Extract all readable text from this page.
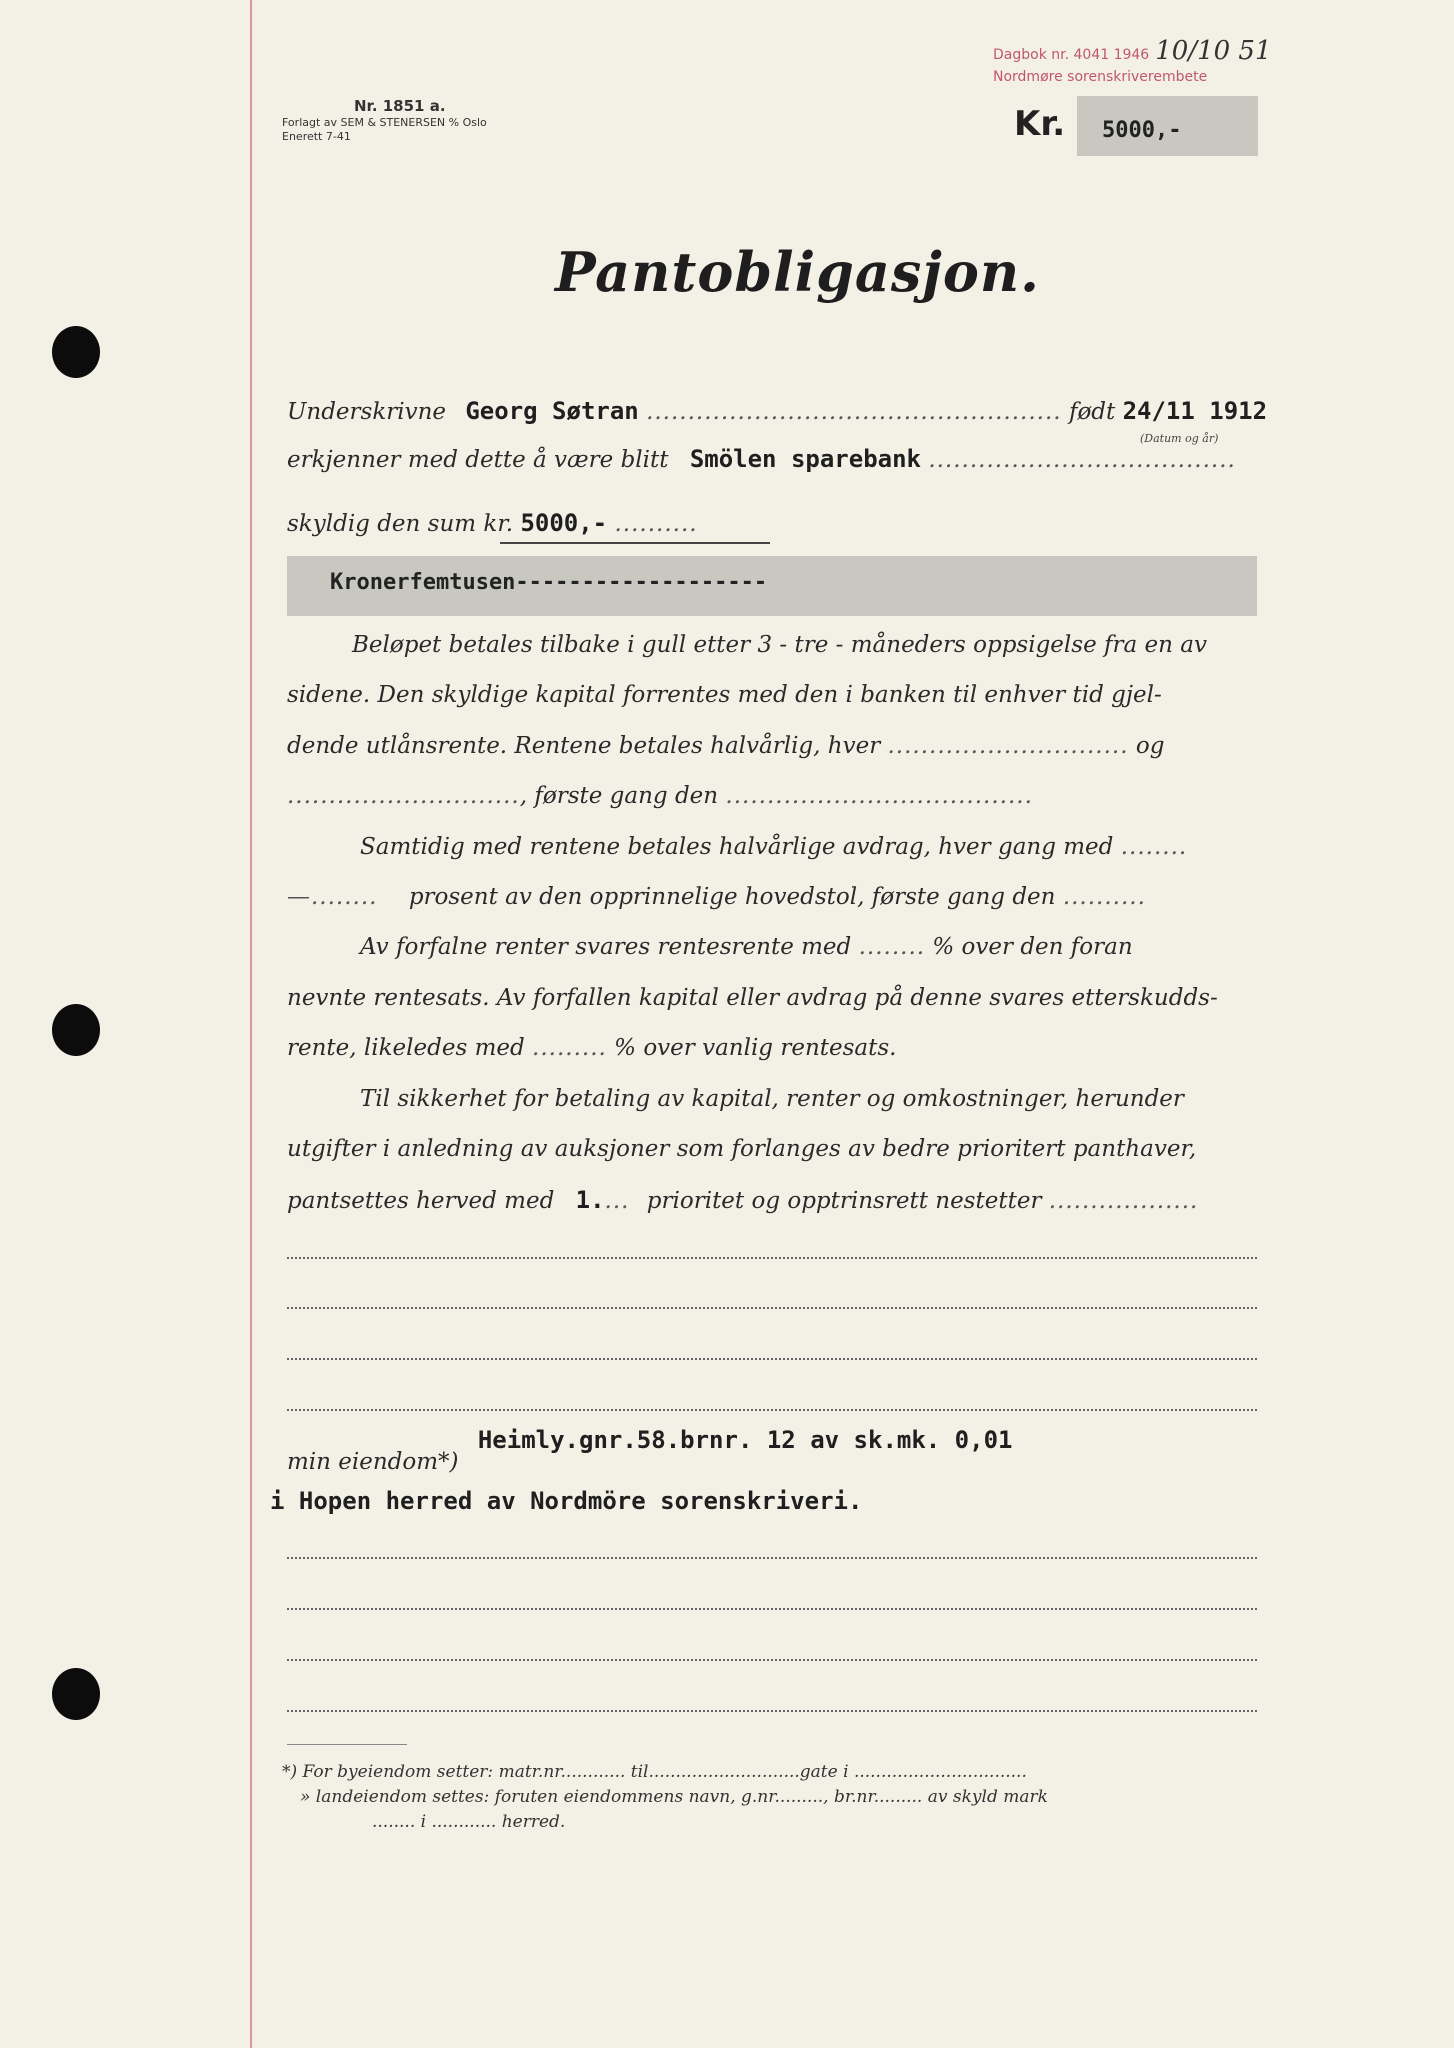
Nr. 1851 a.
Forlagt av SEM & STENERSEN % Oslo
Enerett 7-41
Dagbok nr. 4041 1946 10/10 51
Nordmøre sorenskriverembete
Kr. 5000,-
Pantobligasjon.
Underskrivne Georg Søtran .................................................. født 24/11 1912
(Datum og år)
erkjenner med dette å være blitt Smölen sparebank .....................................
skyldig den sum kr. 5000,- ..........
Kronerfemtusen-------------------
Beløpet betales tilbake i gull etter 3 - tre - måneders oppsigelse fra en av
sidene. Den skyldige kapital forrentes med den i banken til enhver tid gjel-
dende utlånsrente. Rentene betales halvårlig, hver ............................. og
............................, første gang den .....................................
Samtidig med rentene betales halvårlige avdrag, hver gang med ........
—........ prosent av den opprinnelige hovedstol, første gang den ..........
Av forfalne renter svares rentesrente med ........ % over den foran
nevnte rentesats. Av forfallen kapital eller avdrag på denne svares etterskudds-
rente, likeledes med ......... % over vanlig rentesats.
Til sikkerhet for betaling av kapital, renter og omkostninger, herunder
utgifter i anledning av auksjoner som forlanges av bedre prioritert panthaver,
pantsettes herved med 1.... prioritet og opptrinsrett nestetter ..................
min eiendom*) Heimly.gnr.58.brnr. 12 av sk.mk. 0,01
i Hopen herred av Nordmöre sorenskriveri.
*) For byeiendom setter: matr.nr............ til............................gate i ................................
» landeiendom settes: foruten eiendommens navn, g.nr........., br.nr......... av skyld mark
........ i ............ herred.
